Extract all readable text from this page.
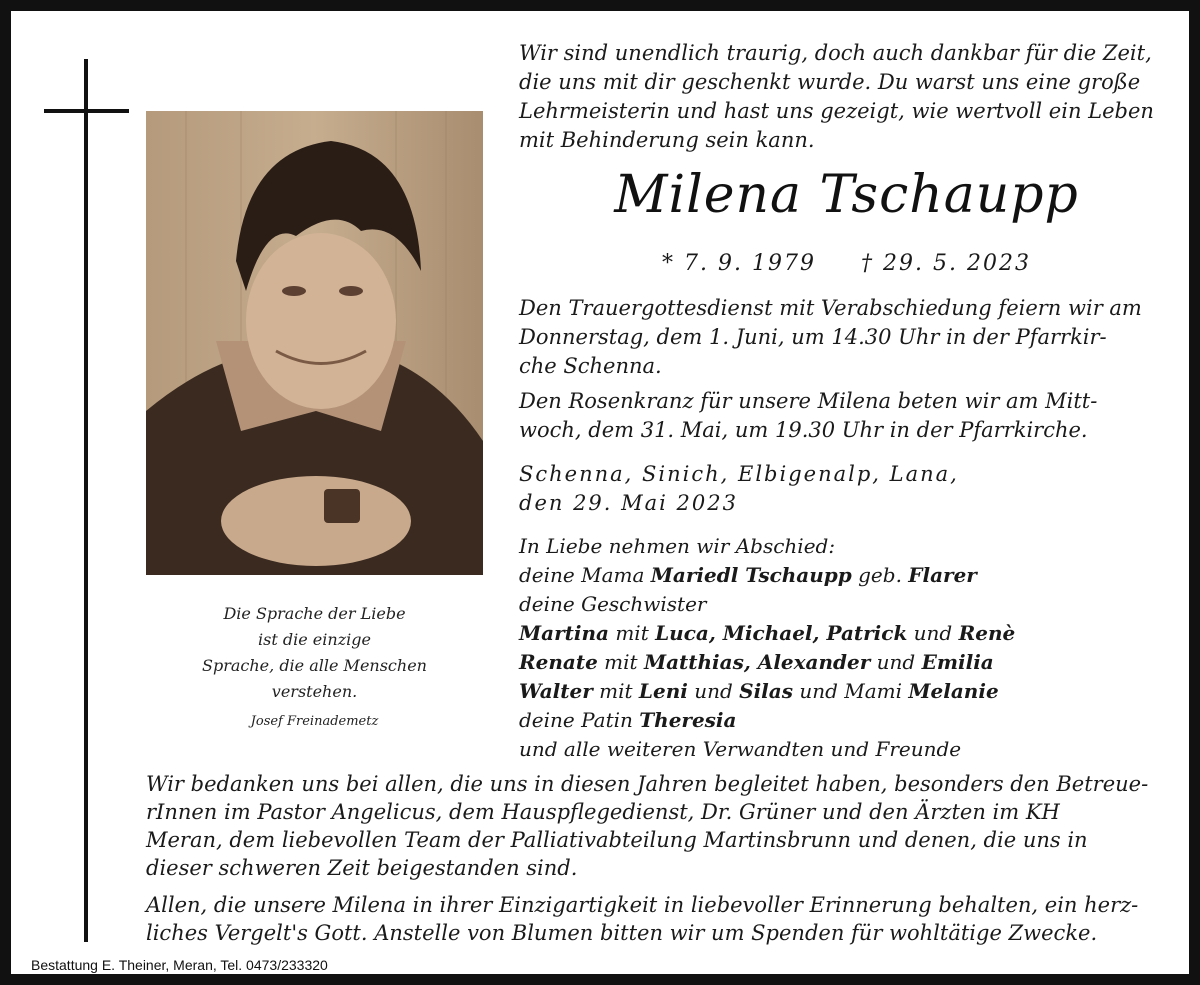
Die Sprache der Liebe
ist die einzige
Sprache, die alle Menschen
verstehen.
Josef Freinademetz
Wir sind unendlich traurig, doch auch dankbar für die Zeit,
die uns mit dir geschenkt wurde. Du warst uns eine große
Lehrmeisterin und hast uns gezeigt, wie wertvoll ein Leben
mit Behinderung sein kann.
Milena Tschaupp
* 7. 9. 1979 † 29. 5. 2023
Den Trauergottesdienst mit Verabschiedung feiern wir am
Donnerstag, dem 1. Juni, um 14.30 Uhr in der Pfarrkir-
che Schenna.
Den Rosenkranz für unsere Milena beten wir am Mitt-
woch, dem 31. Mai, um 19.30 Uhr in der Pfarrkirche.
Schenna, Sinich, Elbigenalp, Lana,
den 29. Mai 2023
In Liebe nehmen wir Abschied:
deine Mama Mariedl Tschaupp geb. Flarer
deine Geschwister
Martina mit Luca, Michael, Patrick und Renè
Renate mit Matthias, Alexander und Emilia
Walter mit Leni und Silas und Mami Melanie
deine Patin Theresia
und alle weiteren Verwandten und Freunde
Wir bedanken uns bei allen, die uns in diesen Jahren begleitet haben, besonders den Betreue-
rInnen im Pastor Angelicus, dem Hauspflegedienst, Dr. Grüner und den Ärzten im KH
Meran, dem liebevollen Team der Palliativabteilung Martinsbrunn und denen, die uns in
dieser schweren Zeit beigestanden sind.
Allen, die unsere Milena in ihrer Einzigartigkeit in liebevoller Erinnerung behalten, ein herz-
liches Vergelt's Gott. Anstelle von Blumen bitten wir um Spenden für wohltätige Zwecke.
Bestattung E. Theiner, Meran, Tel. 0473/233320
